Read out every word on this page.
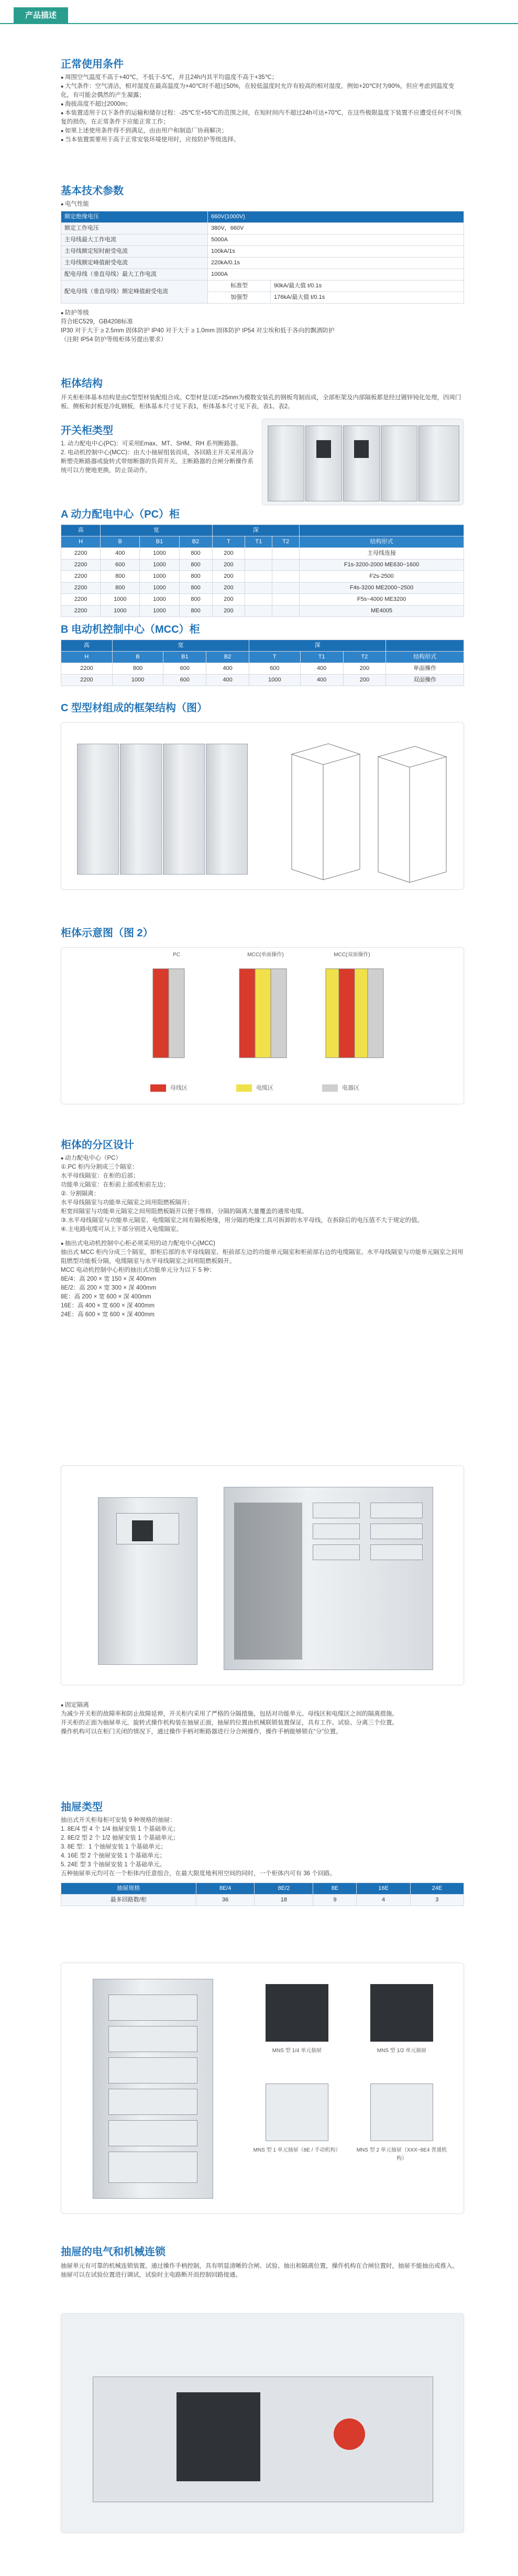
产品描述
正常使用条件
● 周围空气温度不高于+40℃，不低于-5℃，并且24h内其平均温度不高于+35℃；
● 大气条件：空气清洁，相对湿度在最高温度为+40℃时不超过50%，在较低温度时允许有较高的相对湿度，例如+20℃时为90%，但应考虑到温度变化，有可能会偶然的产生凝露；
● 海拔高度不超过2000m；
● 本装置适用于以下条件的运输和储存过程：-25℃至+55℃的范围之间，在短时间内不超过24h可达+70℃，在这些极限温度下装置不应遭受任何不可恢复的损伤，在正常条件下应能正常工作；
● 如果上述使用条件得不到满足，由由用户和制造厂协商解决；
● 当本装置需要用于高于正常安装环境使用时，应按防护等级选择。
基本技术参数
● 电气性能
额定绝缘电压	660V(1000V)	
额定工作电压	380V，660V	
主母线最大工作电流	5000A	
主母线额定短时耐受电流	100kA/1s	
主母线额定峰值耐受电流	220kA/0.1s	
配电母线（垂直母线）最大工作电流	1000A	
配电母线（垂直母线）额定峰值耐受电流	标准型	90kA/最大值 t/0.1s
	加强型	176kA/最大值 t/0.1s
● 防护等级
符合IEC529，GB4208标准
IP30 对于大于 ≥ 2.5mm 固体防护 IP40 对于大于 ≥ 1.0mm 固体防护 IP54 对尘埃和低于各向的飘洒防护
（注附 IP54 防护等级柜体另提出要求）
柜体结构
开关柜柜体基本结构是由C型型材装配组合成。C型材是以E=25mm为模数安装孔的钢板弯制而成，全部柜架及内部隔板都是经过镀锌钝化处理，四周门板、侧板和封板是冷轧钢板，柜体基本尺寸见下表1，柜体基本尺寸见下表，表1、表2。
开关柜类型
1. 动力配电中心(PC)：可采用Emax、MT、SHM、RH 系列断路器。
2. 电动机控制中心(MCC)：由大小抽屉组装而成，各回路主开关采用高分断塑壳断路器或旋转式带熔断器的负荷开关，主断路器的合闸分断操作系统可以方便地更换，防止误动作。
A 动力配电中心（PC）柜
高	宽			深			
H	B	B1	B2	T	T1	T2	结构形式
2200	400	1000	800	200			主母线连接
2200	600	1000	800	200			F1s-3200-2000 ME630~1600
2200	800	1000	800	200			F2s-2500
2200	800	1000	800	200			F4s-3200 ME2000~2500
2200	1000	1000	800	200			F5s~4000 ME3200
2200	1000	1000	800	200			ME4005
B 电动机控制中心（MCC）柜
高	宽			深			
H	B	B1	B2	T	T1	T2	结构形式
2200	800	600	400	600	400	200	单面操作
2200	1000	600	400	1000	400	200	双面操作
C 型型材组成的框架结构（图）
柜体示意图（图 2）
PC	MCC(单面操作)	MCC(双面操作)
母线区	电缆区	电器区
柜体的分区设计
● 动力配电中心（PC）
①.PC 柜内分割成三个隔室：
水平母线隔室：在柜的后部；
功能单元隔室：在柜前上部或柜前左边；
②. 分割隔离：
水平母线隔室与功能单元隔室之间用阻燃板隔开；
柜宽间隔室与功能单元隔室之间用阻燃板隔开以便于维修，分隔的隔离大量覆盖的通常电缆。
③.水平母线隔室与功能单元隔室、电缆隔室之间有隔板绝缘，用分隔的绝缘工具可拆卸的水平母线，在拆除后的电压值不大于规定的值。
④.主电路电缆可从上下部分别进入电缆隔室。
● 抽出式电动机控制中心柜必须采用的动力配电中心(MCC)
抽出式 MCC 柜内分成三个隔室，即柜后部的水平母线隔室、柜前部左边的功能单元隔室和柜前部右边的电缆隔室。水平母线隔室与功能单元隔室之间用阻燃型功能板分隔，电缆隔室与水平母线隔室之间用阻燃板隔开。
MCC 电动机控制中心柜的抽出式功能单元分为以下 5 种：
8E/4：高 200 × 宽 150 × 深 400mm
8E/2：高 200 × 宽 300 × 深 400mm
8E：高 200 × 宽 600 × 深 400mm
16E：高 400 × 宽 600 × 深 400mm
24E：高 600 × 宽 600 × 深 400mm
● 固定隔离
为减少开关柜的故障率和防止故障延伸，开关柜内采用了严格的分隔措施，包括对功能单元、母线区和电缆区之间的隔离措施。
开关柜的正面为抽屉单元，旋转式操作机构装在抽屉正面，抽屉的位置由机械联锁装置保证，具有工作、试验、分离三个位置。
操作机构可以在柜门关闭的情况下，通过操作手柄对断路器进行分合闸操作，操作手柄能够锁在“分”位置。
抽屉类型
抽出式开关柜每柜可安装 9 种规格的抽屉：
1. 8E/4 型 4 个 1/4 抽屉安装 1 个基础单元；
2. 8E/2 型 2 个 1/2 抽屉安装 1 个基础单元；
3. 8E 型：1 个抽屉安装 1 个基础单元；
4. 16E 型 2 个抽屉安装 1 个基础单元；
5. 24E 型 3 个抽屉安装 1 个基础单元。
五种抽屉单元均可在一个柜体内任意组合，在最大限度地利用空间的同时，一个柜体内可有 36 个回路。
抽屉规格	8E/4	8E/2	8E	16E	24E
最多回路数/柜	36	18	9	4	3
MNS 型 1/4 单元抽屉	MNS 型 1/2 单元抽屉
MNS 型 1 单元抽屉（8E / 手动机构）	MNS 型 2 单元抽屉（XXX~8E4 普通机构）
抽屉的电气和机械连锁
抽屉单元有可靠的机械连锁装置，通过操作手柄控制，具有明显清晰的合闸、试验、抽出和隔离位置，操作机构在合闸位置时，抽屉不能抽出或推入。抽屉可以在试验位置进行调试，试验时主电路断开而控制回路接通。
